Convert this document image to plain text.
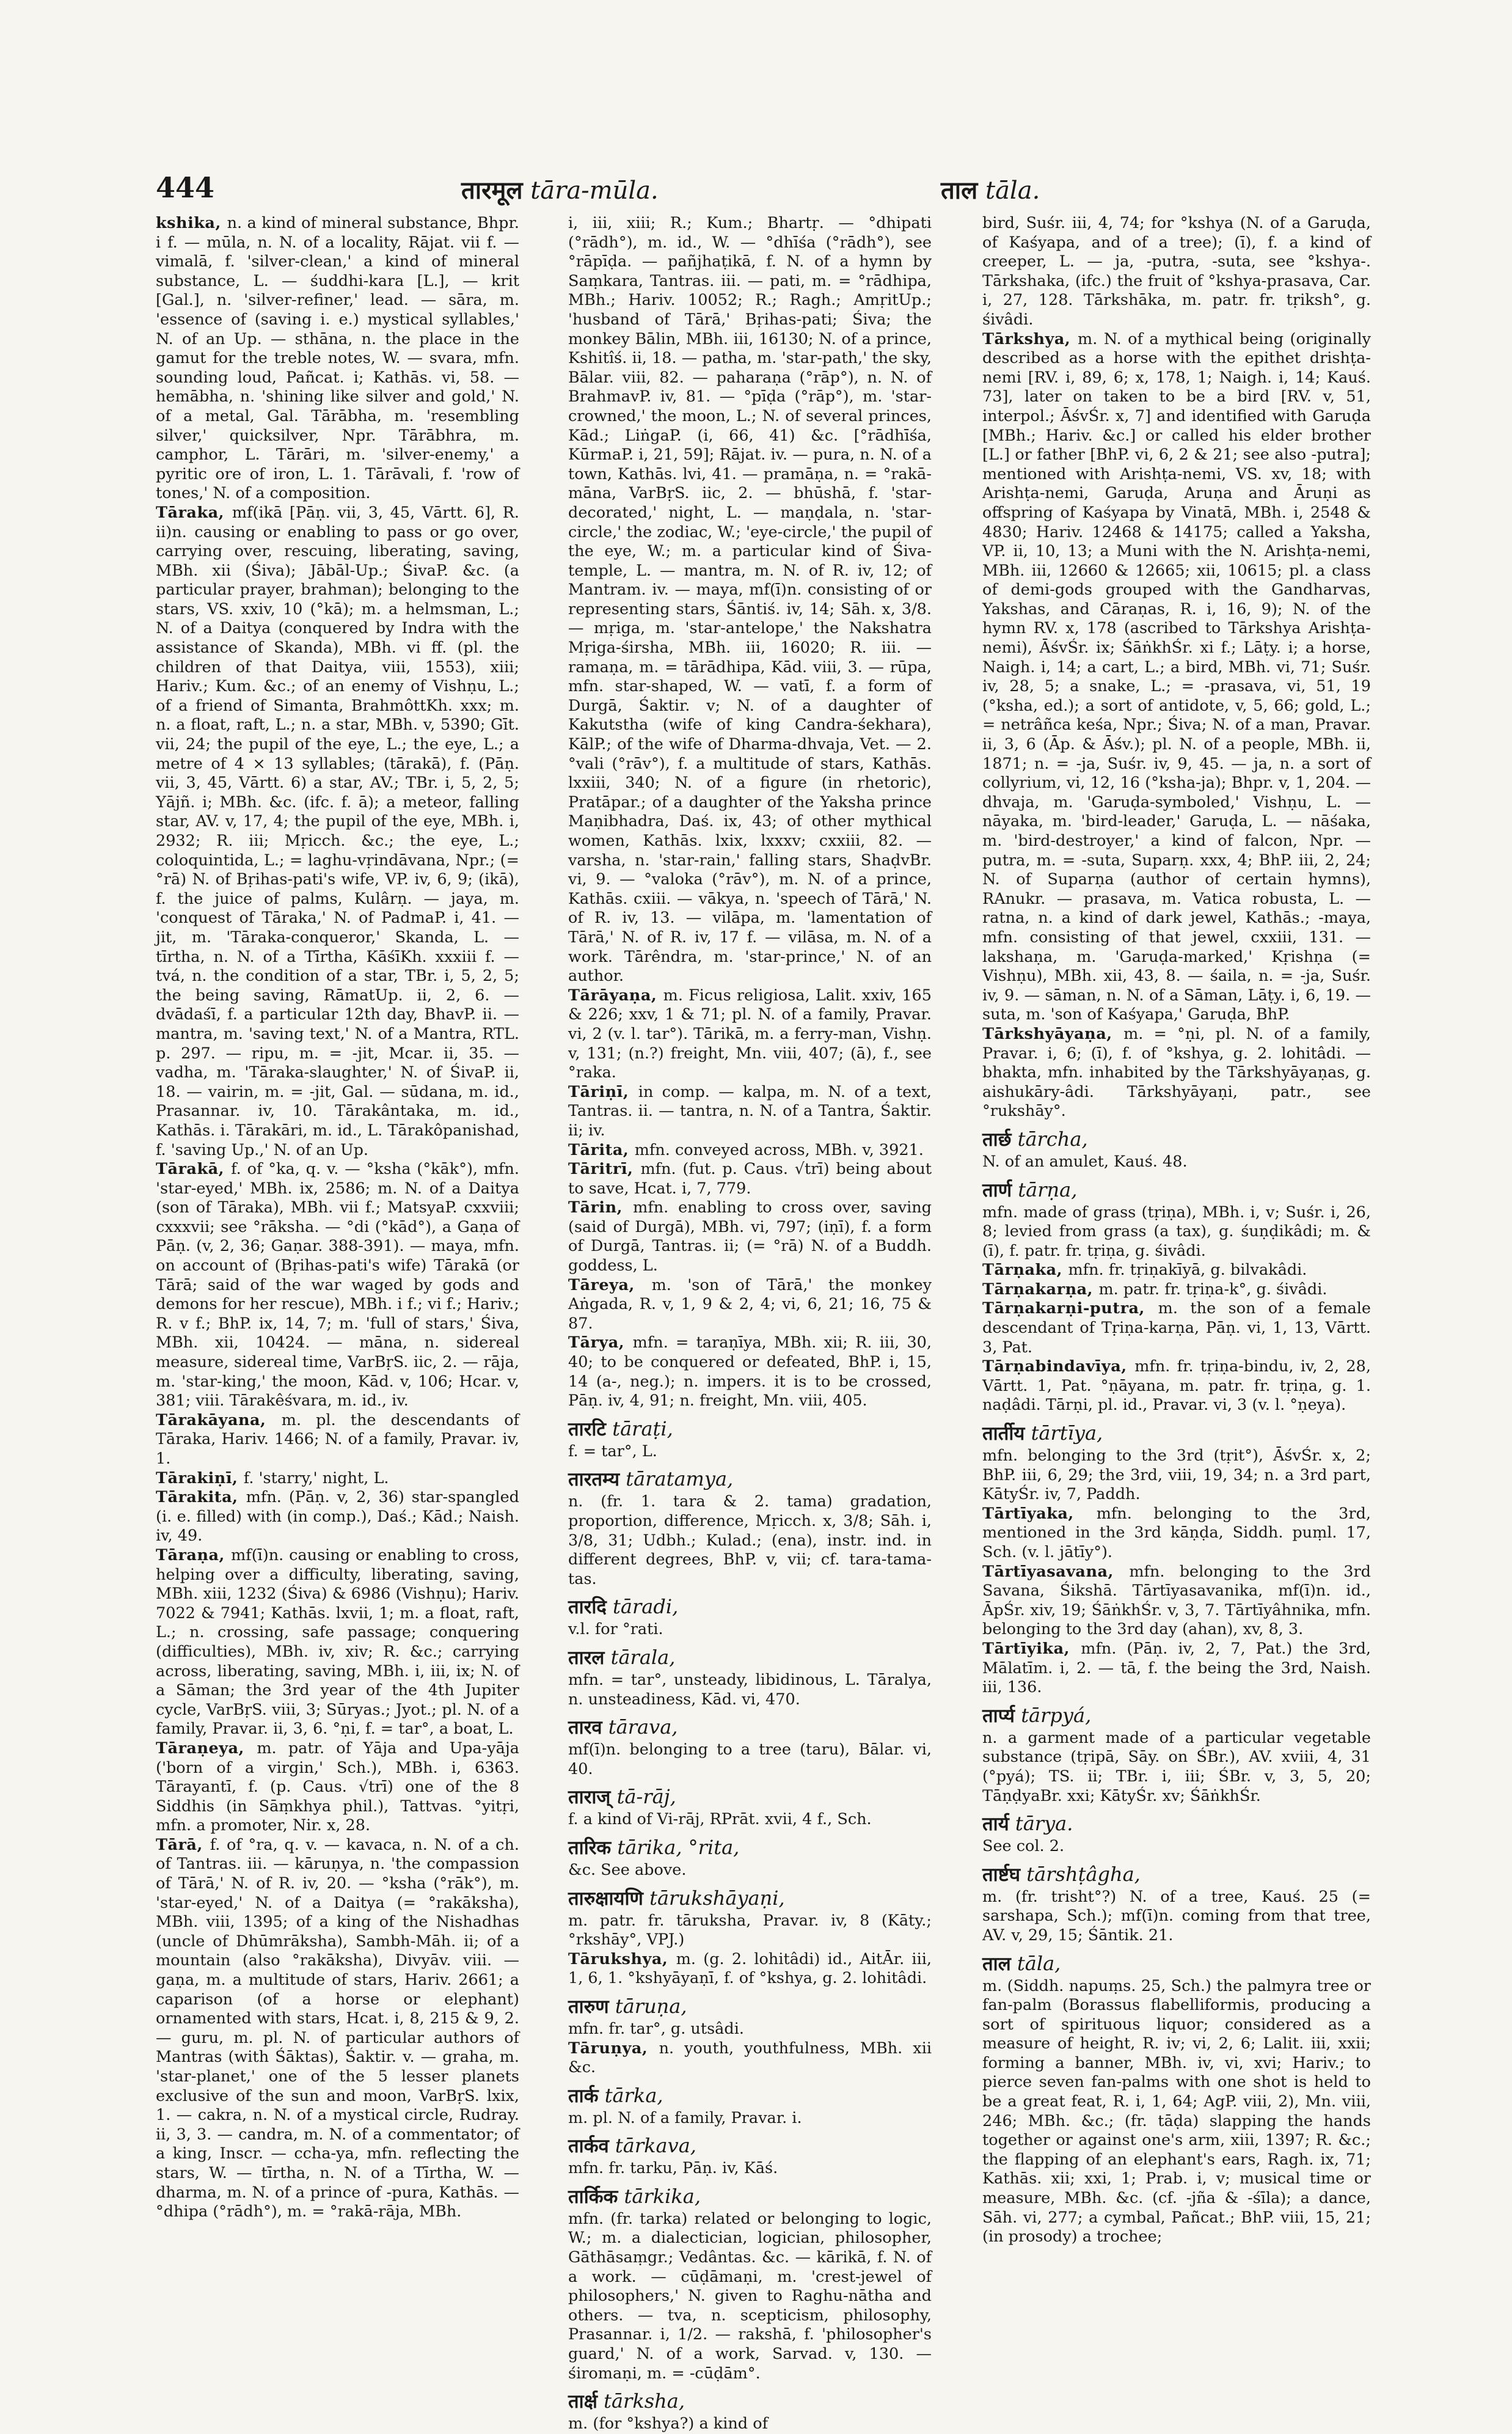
444	तारमूल tāra-mūla.	ताल tāla.

kshika, n. a kind of mineral substance, Bhpr. i f. — mūla, n. N. of a locality, Rājat. vii f. — vimalā, f. 'silver-clean,' a kind of mineral substance, L. — śuddhi-kara [L.], — krit [Gal.], n. 'silver-refiner,' lead. — sāra, m. 'essence of (saving i. e.) mystical syllables,' N. of an Up. — sthāna, n. the place in the gamut for the treble notes, W. — svara, mfn. sounding loud, Pañcat. i; Kathās. vi, 58. — hemābha, n. 'shining like silver and gold,' N. of a metal, Gal. Tārābha, m. 'resembling silver,' quicksilver, Npr. Tārābhra, m. camphor, L. Tārāri, m. 'silver-enemy,' a pyritic ore of iron, L. 1. Tārāvali, f. 'row of tones,' N. of a composition.

Tāraka, mf(ikā [Pāṇ. vii, 3, 45, Vārtt. 6], R. ii)n. causing or enabling to pass or go over, carrying over, rescuing, liberating, saving, MBh. xii (Śiva); Jābāl-Up.; ŚivaP. &c. (a particular prayer, brahman); belonging to the stars, VS. xxiv, 10 (°kā); m. a helmsman, L.; N. of a Daitya (conquered by Indra with the assistance of Skanda), MBh. vi ff. (pl. the children of that Daitya, viii, 1553), xiii; Hariv.; Kum. &c.; of an enemy of Vishṇu, L.; of a friend of Simanta, BrahmôttKh. xxx; m. n. a float, raft, L.; n. a star, MBh. v, 5390; Gīt. vii, 24; the pupil of the eye, L.; the eye, L.; a metre of 4 × 13 syllables; (tārakā), f. (Pāṇ. vii, 3, 45, Vārtt. 6) a star, AV.; TBr. i, 5, 2, 5; Yājñ. i; MBh. &c. (ifc. f. ā); a meteor, falling star, AV. v, 17, 4; the pupil of the eye, MBh. i, 2932; R. iii; Mṛicch. &c.; the eye, L.; coloquintida, L.; = laghu-vṛindāvana, Npr.; (= °rā) N. of Bṛihas-pati's wife, VP. iv, 6, 9; (ikā), f. the juice of palms, Kulârṇ. — jaya, m. 'conquest of Tāraka,' N. of PadmaP. i, 41. — jit, m. 'Tāraka-conqueror,' Skanda, L. — tīrtha, n. N. of a Tīrtha, KāśīKh. xxxiii f. — tvá, n. the condition of a star, TBr. i, 5, 2, 5; the being saving, RāmatUp. ii, 2, 6. — dvādaśī, f. a particular 12th day, BhavP. ii. — mantra, m. 'saving text,' N. of a Mantra, RTL. p. 297. — ripu, m. = -jit, Mcar. ii, 35. — vadha, m. 'Tāraka-slaughter,' N. of ŚivaP. ii, 18. — vairin, m. = -jit, Gal. — sūdana, m. id., Prasannar. iv, 10. Tārakântaka, m. id., Kathās. i. Tārakāri, m. id., L. Tārakôpanishad, f. 'saving Up.,' N. of an Up.

Tārakā, f. of °ka, q. v. — °ksha (°kāk°), mfn. 'star-eyed,' MBh. ix, 2586; m. N. of a Daitya (son of Tāraka), MBh. vii f.; MatsyaP. cxxviii; cxxxvii; see °rāksha. — °di (°kād°), a Gaṇa of Pāṇ. (v, 2, 36; Gaṇar. 388-391). — maya, mfn. on account of (Bṛihas-pati's wife) Tārakā (or Tārā; said of the war waged by gods and demons for her rescue), MBh. i f.; vi f.; Hariv.; R. v f.; BhP. ix, 14, 7; m. 'full of stars,' Śiva, MBh. xii, 10424. — māna, n. sidereal measure, sidereal time, VarBṛS. iic, 2. — rāja, m. 'star-king,' the moon, Kād. v, 106; Hcar. v, 381; viii. Tārakêśvara, m. id., iv.

Tārakāyana, m. pl. the descendants of Tāraka, Hariv. 1466; N. of a family, Pravar. iv, 1.

Tārakiṇī, f. 'starry,' night, L.

Tārakita, mfn. (Pāṇ. v, 2, 36) star-spangled (i. e. filled) with (in comp.), Daś.; Kād.; Naish. iv, 49.

Tāraṇa, mf(ī)n. causing or enabling to cross, helping over a difficulty, liberating, saving, MBh. xiii, 1232 (Śiva) & 6986 (Vishṇu); Hariv. 7022 & 7941; Kathās. lxvii, 1; m. a float, raft, L.; n. crossing, safe passage; conquering (difficulties), MBh. iv, xiv; R. &c.; carrying across, liberating, saving, MBh. i, iii, ix; N. of a Sāman; the 3rd year of the 4th Jupiter cycle, VarBṛS. viii, 3; Sūryas.; Jyot.; pl. N. of a family, Pravar. ii, 3, 6. °ṇi, f. = tar°, a boat, L.

Tāraṇeya, m. patr. of Yāja and Upa-yāja ('born of a virgin,' Sch.), MBh. i, 6363. Tārayantī, f. (p. Caus. √trī) one of the 8 Siddhis (in Sāṃkhya phil.), Tattvas. °yitṛi, mfn. a promoter, Nir. x, 28.

Tārā, f. of °ra, q. v. — kavaca, n. N. of a ch. of Tantras. iii. — kāruṇya, n. 'the compassion of Tārā,' N. of R. iv, 20. — °ksha (°rāk°), m. 'star-eyed,' N. of a Daitya (= °rakāksha), MBh. viii, 1395; of a king of the Nishadhas (uncle of Dhūmrāksha), Sambh-Māh. ii; of a mountain (also °rakāksha), Divyāv. viii. — gaṇa, m. a multitude of stars, Hariv. 2661; a caparison (of a horse or elephant) ornamented with stars, Hcat. i, 8, 215 & 9, 2. — guru, m. pl. N. of particular authors of Mantras (with Śāktas), Śaktir. v. — graha, m. 'star-planet,' one of the 5 lesser planets exclusive of the sun and moon, VarBṛS. lxix, 1. — cakra, n. N. of a mystical circle, Rudray. ii, 3, 3. — candra, m. N. of a commentator; of a king, Inscr. — ccha-ya, mfn. reflecting the stars, W. — tīrtha, n. N. of a Tīrtha, W. — dharma, m. N. of a prince of -pura, Kathās. — °dhipa (°rādh°), m. = °rakā-rāja, MBh.

i, iii, xiii; R.; Kum.; Bhartṛ. — °dhipati (°rādh°), m. id., W. — °dhīśa (°rādh°), see °rāpīḍa. — pañjhaṭikā, f. N. of a hymn by Saṃkara, Tantras. iii. — pati, m. = °rādhipa, MBh.; Hariv. 10052; R.; Ragh.; AmṛitUp.; 'husband of Tārā,' Bṛihas-pati; Śiva; the monkey Bālin, MBh. iii, 16130; N. of a prince, Kshitîś. ii, 18. — patha, m. 'star-path,' the sky, Bālar. viii, 82. — paharaṇa (°rāp°), n. N. of BrahmavP. iv, 81. — °pīḍa (°rāp°), m. 'star-crowned,' the moon, L.; N. of several princes, Kād.; LiṅgaP. (i, 66, 41) &c. [°rādhīśa, KūrmaP. i, 21, 59]; Rājat. iv. — pura, n. N. of a town, Kathās. lvi, 41. — pramāṇa, n. = °rakā-māna, VarBṛS. iic, 2. — bhūshā, f. 'star-decorated,' night, L. — maṇḍala, n. 'star-circle,' the zodiac, W.; 'eye-circle,' the pupil of the eye, W.; m. a particular kind of Śiva-temple, L. — mantra, m. N. of R. iv, 12; of Mantram. iv. — maya, mf(ī)n. consisting of or representing stars, Śāntiś. iv, 14; Sāh. x, 3/8. — mṛiga, m. 'star-antelope,' the Nakshatra Mṛiga-śirsha, MBh. iii, 16020; R. iii. — ramaṇa, m. = tārādhipa, Kād. viii, 3. — rūpa, mfn. star-shaped, W. — vatī, f. a form of Durgā, Śaktir. v; N. of a daughter of Kakutstha (wife of king Candra-śekhara), KālP.; of the wife of Dharma-dhvaja, Vet. — 2. °vali (°rāv°), f. a multitude of stars, Kathās. lxxiii, 340; N. of a figure (in rhetoric), Pratāpar.; of a daughter of the Yaksha prince Maṇibhadra, Daś. ix, 43; of other mythical women, Kathās. lxix, lxxxv; cxxiii, 82. — varsha, n. 'star-rain,' falling stars, ShaḍvBr. vi, 9. — °valoka (°rāv°), m. N. of a prince, Kathās. cxiii. — vākya, n. 'speech of Tārā,' N. of R. iv, 13. — vilāpa, m. 'lamentation of Tārā,' N. of R. iv, 17 f. — vilāsa, m. N. of a work. Tārêndra, m. 'star-prince,' N. of an author.

Tārāyaṇa, m. Ficus religiosa, Lalit. xxiv, 165 & 226; xxv, 1 & 71; pl. N. of a family, Pravar. vi, 2 (v. l. tar°). Tārikā, m. a ferry-man, Vishṇ. v, 131; (n.?) freight, Mn. viii, 407; (ā), f., see °raka.

Tāriṇī, in comp. — kalpa, m. N. of a text, Tantras. ii. — tantra, n. N. of a Tantra, Śaktir. ii; iv.

Tārita, mfn. conveyed across, MBh. v, 3921.

Tāritrī, mfn. (fut. p. Caus. √trī) being about to save, Hcat. i, 7, 779.

Tārin, mfn. enabling to cross over, saving (said of Durgā), MBh. vi, 797; (iṇī), f. a form of Durgā, Tantras. ii; (= °rā) N. of a Buddh. goddess, L.

Tāreya, m. 'son of Tārā,' the monkey Aṅgada, R. v, 1, 9 & 2, 4; vi, 6, 21; 16, 75 & 87.

Tārya, mfn. = taraṇīya, MBh. xii; R. iii, 30, 40; to be conquered or defeated, BhP. i, 15, 14 (a-, neg.); n. impers. it is to be crossed, Pāṇ. iv, 4, 91; n. freight, Mn. viii, 405.

तारटि tāraṭi,
f. = tar°, L.

तारतम्य tāratamya,
n. (fr. 1. tara & 2. tama) gradation, proportion, difference, Mṛicch. x, 3/8; Sāh. i, 3/8, 31; Udbh.; Kulad.; (ena), instr. ind. in different degrees, BhP. v, vii; cf. tara-tama-tas.

तारदि tāradi,
v.l. for °rati.

तारल tārala,
mfn. = tar°, unsteady, libidinous, L. Tāralya, n. unsteadiness, Kād. vi, 470.

तारव tārava,
mf(ī)n. belonging to a tree (taru), Bālar. vi, 40.

ताराज् tā-rāj,
f. a kind of Vi-rāj, RPrāt. xvii, 4 f., Sch.

तारिक tārika, °rita,
&c. See above.

तारुक्षायणि tārukshāyaṇi,
m. patr. fr. tāruksha, Pravar. iv, 8 (Kāty.; °rkshāy°, VPJ.)

Tārukshya, m. (g. 2. lohitâdi) id., AitĀr. iii, 1, 6, 1. °kshyāyaṇī, f. of °kshya, g. 2. lohitâdi.

तारुण tāruṇa,
mfn. fr. tar°, g. utsâdi.

Tāruṇya, n. youth, youthfulness, MBh. xii &c.

तार्क tārka,
m. pl. N. of a family, Pravar. i.

तार्कव tārkava,
mfn. fr. tarku, Pāṇ. iv, Kāś.

तार्किक tārkika,
mfn. (fr. tarka) related or belonging to logic, W.; m. a dialectician, logician, philosopher, Gāthāsaṃgr.; Vedântas. &c. — kārikā, f. N. of a work. — cūḍāmaṇi, m. 'crest-jewel of philosophers,' N. given to Raghu-nātha and others. — tva, n. scepticism, philosophy, Prasannar. i, 1/2. — rakshā, f. 'philosopher's guard,' N. of a work, Sarvad. v, 130. — śiromaṇi, m. = -cūḍām°.

तार्क्ष tārksha,
m. (for °kshya?) a kind of

bird, Suśr. iii, 4, 74; for °kshya (N. of a Garuḍa, of Kaśyapa, and of a tree); (ī), f. a kind of creeper, L. — ja, -putra, -suta, see °kshya-. Tārkshaka, (ifc.) the fruit of °kshya-prasava, Car. i, 27, 128. Tārkshāka, m. patr. fr. tṛiksh°, g. śivâdi.

Tārkshya, m. N. of a mythical being (originally described as a horse with the epithet drishṭa-nemi [RV. i, 89, 6; x, 178, 1; Naigh. i, 14; Kauś. 73], later on taken to be a bird [RV. v, 51, interpol.; ĀśvŚr. x, 7] and identified with Garuḍa [MBh.; Hariv. &c.] or called his elder brother [L.] or father [BhP. vi, 6, 2 & 21; see also -putra]; mentioned with Arishṭa-nemi, VS. xv, 18; with Arishṭa-nemi, Garuḍa, Aruṇa and Āruṇi as offspring of Kaśyapa by Vinatā, MBh. i, 2548 & 4830; Hariv. 12468 & 14175; called a Yaksha, VP. ii, 10, 13; a Muni with the N. Arishṭa-nemi, MBh. iii, 12660 & 12665; xii, 10615; pl. a class of demi-gods grouped with the Gandharvas, Yakshas, and Cāraṇas, R. i, 16, 9); N. of the hymn RV. x, 178 (ascribed to Tārkshya Arishṭa-nemi), ĀśvŚr. ix; ŚāṅkhŚr. xi f.; Lāṭy. i; a horse, Naigh. i, 14; a cart, L.; a bird, MBh. vi, 71; Suśr. iv, 28, 5; a snake, L.; = -prasava, vi, 51, 19 (°ksha, ed.); a sort of antidote, v, 5, 66; gold, L.; = netrâñca keśa, Npr.; Śiva; N. of a man, Pravar. ii, 3, 6 (Āp. & Āśv.); pl. N. of a people, MBh. ii, 1871; n. = -ja, Suśr. iv, 9, 45. — ja, n. a sort of collyrium, vi, 12, 16 (°ksha-ja); Bhpr. v, 1, 204. — dhvaja, m. 'Garuḍa-symboled,' Vishṇu, L. — nāyaka, m. 'bird-leader,' Garuḍa, L. — nāśaka, m. 'bird-destroyer,' a kind of falcon, Npr. — putra, m. = -suta, Suparṇ. xxx, 4; BhP. iii, 2, 24; N. of Suparṇa (author of certain hymns), RAnukr. — prasava, m. Vatica robusta, L. — ratna, n. a kind of dark jewel, Kathās.; -maya, mfn. consisting of that jewel, cxxiii, 131. — lakshaṇa, m. 'Garuḍa-marked,' Kṛishṇa (= Vishṇu), MBh. xii, 43, 8. — śaila, n. = -ja, Suśr. iv, 9. — sāman, n. N. of a Sāman, Lāṭy. i, 6, 19. — suta, m. 'son of Kaśyapa,' Garuḍa, BhP.

Tārkshyāyaṇa, m. = °ṇi, pl. N. of a family, Pravar. i, 6; (ī), f. of °kshya, g. 2. lohitâdi. — bhakta, mfn. inhabited by the Tārkshyāyaṇas, g. aishukāry-âdi. Tārkshyāyaṇi, patr., see °rukshāy°.

तार्छ tārcha,
N. of an amulet, Kauś. 48.

तार्ण tārṇa,
mfn. made of grass (tṛiṇa), MBh. i, v; Suśr. i, 26, 8; levied from grass (a tax), g. śuṇḍikâdi; m. & (ī), f. patr. fr. tṛiṇa, g. śivâdi.

Tārṇaka, mfn. fr. tṛiṇakīyā, g. bilvakâdi.

Tārṇakarṇa, m. patr. fr. tṛiṇa-k°, g. śivâdi.

Tārṇakarṇi-putra, m. the son of a female descendant of Tṛiṇa-karṇa, Pāṇ. vi, 1, 13, Vārtt. 3, Pat.

Tārṇabindavīya, mfn. fr. tṛiṇa-bindu, iv, 2, 28, Vārtt. 1, Pat. °ṇāyana, m. patr. fr. tṛiṇa, g. 1. naḍâdi. Tārṇi, pl. id., Pravar. vi, 3 (v. l. °ṇeya).

तार्तीय tārtīya,
mfn. belonging to the 3rd (tṛit°), ĀśvŚr. x, 2; BhP. iii, 6, 29; the 3rd, viii, 19, 34; n. a 3rd part, KātyŚr. iv, 7, Paddh.

Tārtīyaka, mfn. belonging to the 3rd, mentioned in the 3rd kāṇḍa, Siddh. puṃl. 17, Sch. (v. l. jātīy°).

Tārtīyasavana, mfn. belonging to the 3rd Savana, Śikshā. Tārtīyasavanika, mf(ī)n. id., ĀpŚr. xiv, 19; ŚāṅkhŚr. v, 3, 7. Tārtīyâhnika, mfn. belonging to the 3rd day (ahan), xv, 8, 3.

Tārtīyika, mfn. (Pāṇ. iv, 2, 7, Pat.) the 3rd, Mālatīm. i, 2. — tā, f. the being the 3rd, Naish. iii, 136.

तार्प्य tārpyá,
n. a garment made of a particular vegetable substance (tṛipā, Sāy. on ŚBr.), AV. xviii, 4, 31 (°pyá); TS. ii; TBr. i, iii; ŚBr. v, 3, 5, 20; TāṇḍyaBr. xxi; KātyŚr. xv; ŚāṅkhŚr.

तार्य tārya.
See col. 2.

तार्ष्टघ tārshṭâgha,
m. (fr. trisht°?) N. of a tree, Kauś. 25 (= sarshapa, Sch.); mf(ī)n. coming from that tree, AV. v, 29, 15; Śāntik. 21.

ताल tāla,
m. (Siddh. napuṃs. 25, Sch.) the palmyra tree or fan-palm (Borassus flabelliformis, producing a sort of spirituous liquor; considered as a measure of height, R. iv; vi, 2, 6; Lalit. iii, xxii; forming a banner, MBh. iv, vi, xvi; Hariv.; to pierce seven fan-palms with one shot is held to be a great feat, R. i, 1, 64; AgP. viii, 2), Mn. viii, 246; MBh. &c.; (fr. tāḍa) slapping the hands together or against one's arm, xiii, 1397; R. &c.; the flapping of an elephant's ears, Ragh. ix, 71; Kathās. xii; xxi, 1; Prab. i, v; musical time or measure, MBh. &c. (cf. -jña & -śīla); a dance, Sāh. vi, 277; a cymbal, Pañcat.; BhP. viii, 15, 21; (in prosody) a trochee;
